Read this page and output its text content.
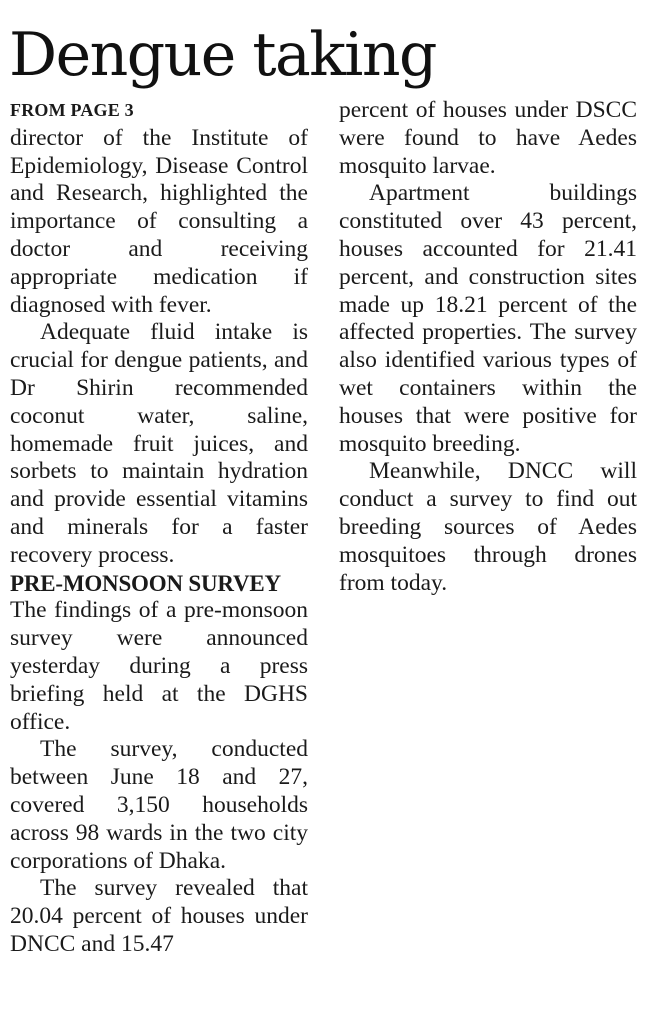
Dengue taking
FROM PAGE 3

director of the Institute of Epidemiology, Disease Control and Research, highlighted the importance of consulting a doctor and receiving appropriate medication if diagnosed with fever.

Adequate fluid intake is crucial for dengue patients, and Dr Shirin recommended coconut water, saline, homemade fruit juices, and sorbets to maintain hydration and provide essential vitamins and minerals for a faster recovery process.

PRE-MONSOON SURVEY

The findings of a pre-monsoon survey were announced yesterday during a press briefing held at the DGHS office.

The survey, conducted between June 18 and 27, covered 3,150 households across 98 wards in the two city corporations of Dhaka.

The survey revealed that 20.04 percent of houses under DNCC and 15.47

percent of houses under DSCC were found to have Aedes mosquito larvae.

Apartment buildings constituted over 43 percent, houses accounted for 21.41 percent, and construction sites made up 18.21 percent of the affected properties. The survey also identified various types of wet containers within the houses that were positive for mosquito breeding.

Meanwhile, DNCC will conduct a survey to find out breeding sources of Aedes mosquitoes through drones from today.
